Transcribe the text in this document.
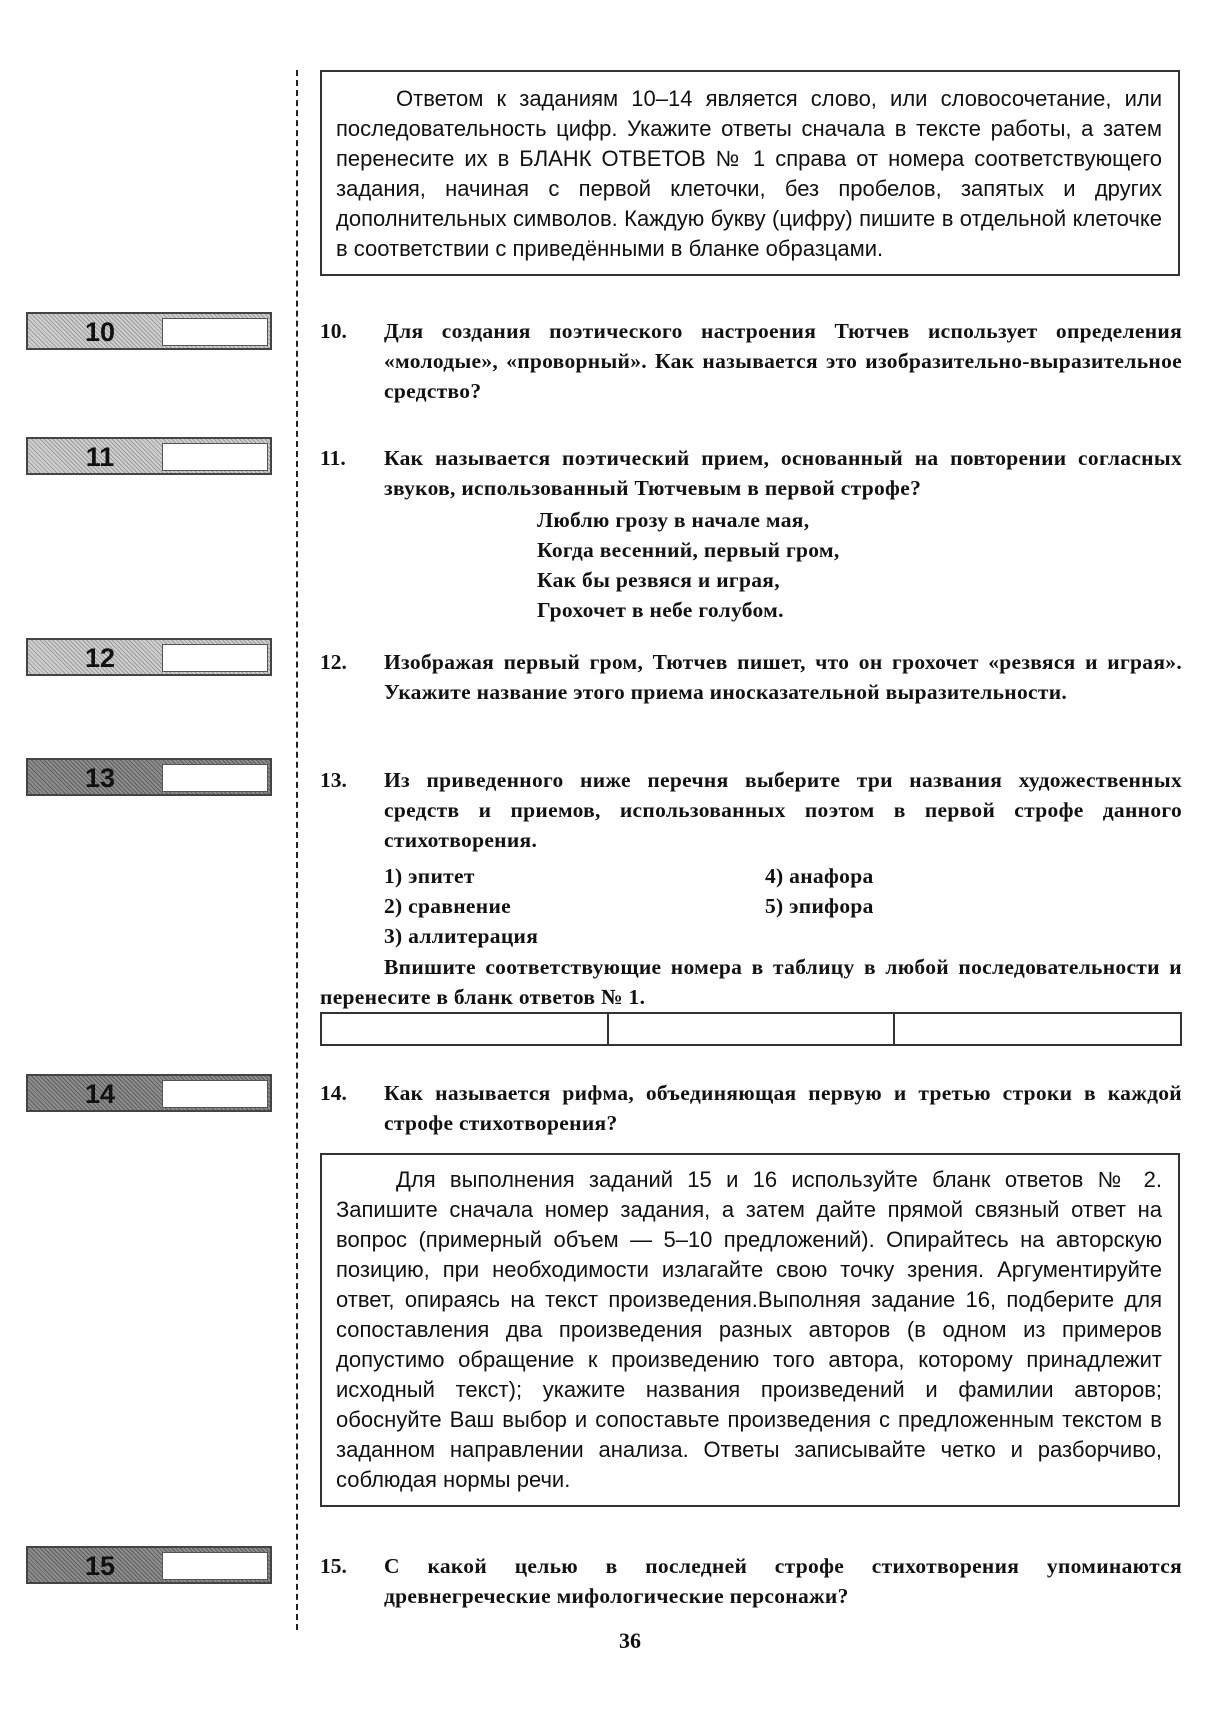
Ответом к заданиям 10–14 является слово, или словосочетание, или последовательность цифр. Укажите ответы сначала в тексте работы, а затем перенесите их в БЛАНК ОТВЕТОВ № 1 справа от номера соответствующего задания, начиная с первой клеточки, без пробелов, запятых и других дополнительных символов. Каждую букву (цифру) пишите в отдельной клеточке в соответствии с приведёнными в бланке образцами.

10
11
12
13
14
15
10. Для создания поэтического настроения Тютчев использует определения «молодые», «проворный». Как называется это изобразительно-выразительное средство?
11. Как называется поэтический прием, основанный на повторении согласных звуков, использованный Тютчевым в первой строфе?
Люблю грозу в начале мая,
Когда весенний, первый гром,
Как бы резвяся и играя,
Грохочет в небе голубом.
12. Изображая первый гром, Тютчев пишет, что он грохочет «резвяся и играя». Укажите название этого приема иносказательной выразительности.
13. Из приведенного ниже перечня выберите три названия художественных средств и приемов, использованных поэтом в первой строфе данного стихотворения.
1) эпитет
2) сравнение
3) аллитерация
4) анафора
5) эпифора
Впишите соответствующие номера в таблицу в любой последовательности и перенесите в бланк ответов № 1.
14. Как называется рифма, объединяющая первую и третью строки в каждой строфе стихотворения?

Для выполнения заданий 15 и 16 используйте бланк ответов № 2. Запишите сначала номер задания, а затем дайте прямой связный ответ на вопрос (примерный объем — 5–10 предложений). Опирайтесь на авторскую позицию, при необходимости излагайте свою точку зрения. Аргументируйте ответ, опираясь на текст произведения.Выполняя задание 16, подберите для сопоставления два произведения разных авторов (в одном из примеров допустимо обращение к произведению того автора, которому принадлежит исходный текст); укажите названия произведений и фамилии авторов; обоснуйте Ваш выбор и сопоставьте произведения с предложенным текстом в заданном направлении анализа. Ответы записывайте четко и разборчиво, соблюдая нормы речи.

15. С какой целью в последней строфе стихотворения упоминаются древнегреческие мифологические персонажи?
36
